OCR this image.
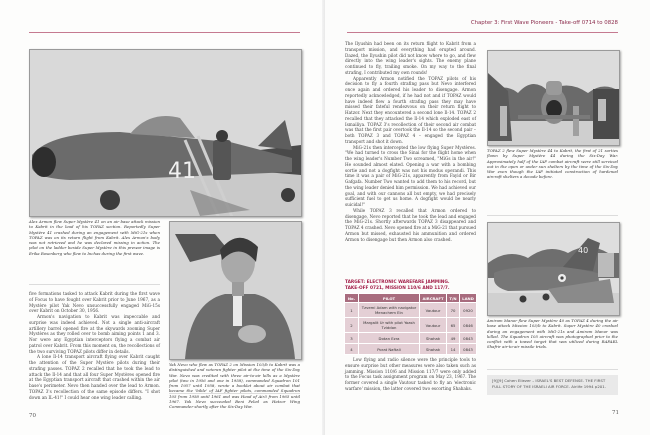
41
Alex Armon flew Super Mystère 41 on an air base attack mission to Kabrit in the lead of his TOPAZ section. Reportedly Super Mystère 41 crashed during an engagement with MiG-21s when TOPAZ was on its return flight from Kabrit. Alex Armon's body was not retrieved and he was declared missing in action. The pilot on the ladder beside Super Mystère in this prewar image is Erika Rosenberg who flew to Inchas during the first wave.

five formations tasked to attack Kabrit during the first wave of Focus to have fought over Kabrit prior to June 1967, as a Mystère pilot Yak Nevo unsuccessfully engaged MiG-15s over Kabrit on October 30, 1956.

Armon's navigation to Kabrit was impeccable and surprise was indeed achieved. Not a single anti-aircraft artillery barrel opened fire at the skywards zooming Super Mystères as they rolled over to bomb aiming points 1 and 3. Nor were any Egyptian interceptors flying a combat air patrol over Kabrit. From this moment on, the recollections of the two surviving TOPAZ pilots differ in details.

A lone Il-14 transport aircraft flying over Kabrit caught the attention of the Super Mystère pilots during their strafing passes. TOPAZ 2 recalled that he took the lead to attack the Il-14 and that all four Super Mystères opened fire at the Egyptian transport aircraft that crashed within the air base's perimeter. Nevo then handed over the lead to Armon. TOPAZ 3's recollection of the same episode differs. "I shot down an IL-41!" I could hear one wing leader calling.

Yak Nevo who flew as TOPAZ 2 on Mission 103/b to Kabrit was a distinguished and veteran fighter pilot at the time of the Six-Day War. Nevo was credited with three air-to-air kills as a Mystère pilot (two in 1956 and one in 1958), commanded Squadron 101 from 1957 until 1958, wrote a booklet about air combat that became the 'bible' of IAF fighter pilots, commanded Squadron 105 from 1958 until 1961 and was Head of Air3 from 1965 until 1967. Yak Nevo succeeded Beni Peled as Hatzor Wing Commander shortly after the Six-Day War.
70
Chapter 3: First Wave Pioneers - Take-off 0714 to 0828

The Ilyushin had been on its return flight to Kabrit from a transport mission, and everything had erupted around. Dazed, the Ilyushin pilot did not know where to go, and flew directly into the wing leader's sights. The enemy plane continued to fly, trailing smoke. On my way to the final strafing, I contributed my own rounds!

Apparently Armon notified the TOPAZ pilots of his decision to fly a fourth strafing pass but Nevo interfered once again and ordered his leader to disengage. Armon reportedly acknowledged, if he had not and if TOPAZ would have indeed flew a fourth strafing pass they may have missed their fateful rendezvous on their return flight to Hatzor. Next they encountered a second lone Il-14. TOPAZ 2 recalled that they attacked the Il-14 which exploded east of Ismailiya. TOPAZ 3's recollection of their second air combat was that the first pair overtook the Il-14 so the second pair – both TOPAZ 3 and TOPAZ 4 – engaged the Egyptian transport and shot it down.

MiG-21s then intercepted the low flying Super Mystères. "We had turned to cross the Sinai for the flight home when the wing leader's Number Two screamed, "MiGs in the air!" He sounded almost elated. Opening a war with a bombing sortie and not a dogfight was not his modus operandi. This time it was a pair of MiG-21s, apparently from Fayid or Bir Gafgafa. Number Two wanted to add them to his record, but the wing leader denied him permission. We had achieved our goal, and with our cannons all but empty, we had precisely sufficient fuel to get us home. A dogfight would be nearly suicidal!"

While TOPAZ 3 recalled that Armon ordered to disengage, Nevo reported that he took the lead and engaged the MiG-21s. Shortly afterwards TOPAZ 3 disappeared and TOPAZ 4 crashed. Nevo opened fire at a MiG-21 that pursued Armon but missed, exhausted his ammunition and ordered Armon to disengage but then Armon also crashed.

TARGET: ELECTRONIC WAREFARE JAMMING.
TAKE-OFF 0721, MISSION 110/6 AND 117/7.
No.	PILOT	AIRCRAFT	T/N	LAND
1	Tzvemi Adam with navigator Menachem Ein	Vautour	70	0920
2	Margalit Ur with pilot Yoash Tziddon	Vautour	65	0846
3	Dotan Ezra	Shahak	49	0843
4	Porat Naftali	Shahak	14	0843

Low flying and radio silence were the principle tools to ensure surprise but other measures were also taken such as jamming. Mission 110/6 and Mission 117/7 were only added to the Focus task assignment program on May 23, 1967. The former covered a single Vautour tasked to fly an 'electronic warfare' mission, the latter covered two escorting Shahaks.

TOPAZ 2 flew Super Mystère 44 to Kabrit, the first of 21 sorties flown by Super Mystère 44 during the Six-Day War. Approximately half of the IAF combat aircraft were still serviced out in the open or under sun shelters by the time of the Six-Day War even though the IAF initiated construction of hardened aircraft shelters a decade before.
40
Amiram Manor flew Super Mystère 40 as TOPAZ 4 during the air base attack Mission 103/b to Kabrit. Super Mystère 40 crashed during an engagement with MiG-21s and Amiram Manor was killed. The Squadron 105 aircraft was photographed prior to the conflict with a towed target that was utilized during RAFAEL Shafrir air-to-air missile trials.
[9][9] Cohen Eliezer – ISRAEL'S BEST DEFENSE. THE FIRST FULL STORY OF THE ISRAELI AIR FORCE. Airlife 1994 p201.
71
